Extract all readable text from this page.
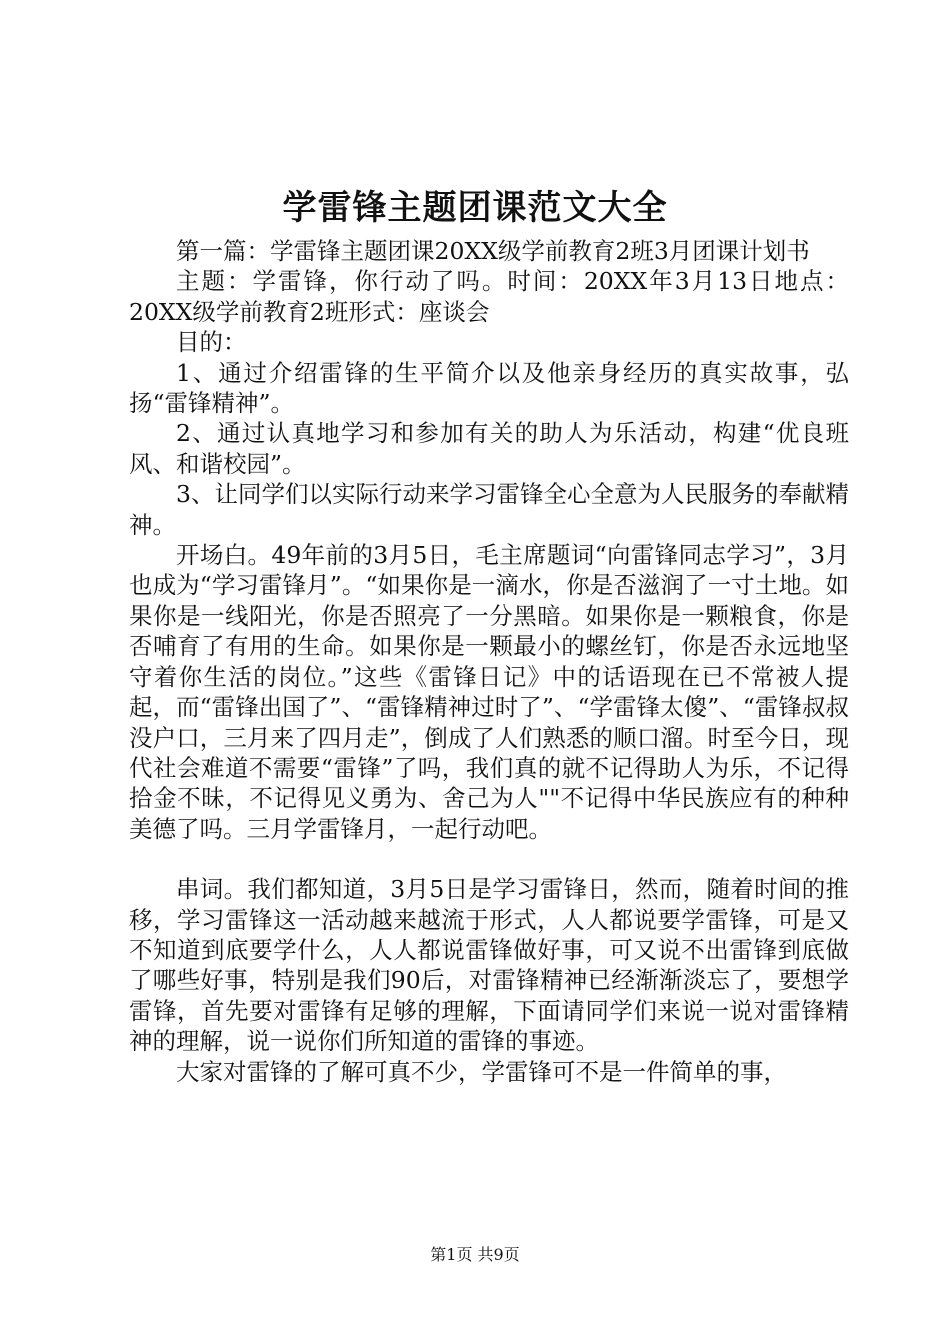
学雷锋主题团课范文大全

第一篇：学雷锋主题团课20XX级学前教育2班3月团课计划书

主题：学雷锋，你行动了吗。时间：20XX年3月13日地点：20XX级学前教育2班形式：座谈会

目的：

1、通过介绍雷锋的生平简介以及他亲身经历的真实故事，弘扬“雷锋精神”。

2、通过认真地学习和参加有关的助人为乐活动，构建“优良班风、和谐校园”。

3、让同学们以实际行动来学习雷锋全心全意为人民服务的奉献精神。

开场白。49年前的3月5日，毛主席题词“向雷锋同志学习”，3月也成为“学习雷锋月”。“如果你是一滴水，你是否滋润了一寸土地。如果你是一线阳光，你是否照亮了一分黑暗。如果你是一颗粮食，你是否哺育了有用的生命。如果你是一颗最小的螺丝钉，你是否永远地坚守着你生活的岗位。”这些《雷锋日记》中的话语现在已不常被人提起，而“雷锋出国了”、“雷锋精神过时了”、“学雷锋太傻”、“雷锋叔叔没户口，三月来了四月走”，倒成了人们熟悉的顺口溜。时至今日，现代社会难道不需要“雷锋”了吗，我们真的就不记得助人为乐，不记得拾金不昧，不记得见义勇为、舍己为人""不记得中华民族应有的种种美德了吗。三月学雷锋月，一起行动吧。

串词。我们都知道，3月5日是学习雷锋日，然而，随着时间的推移，学习雷锋这一活动越来越流于形式，人人都说要学雷锋，可是又不知道到底要学什么，人人都说雷锋做好事，可又说不出雷锋到底做了哪些好事，特别是我们90后，对雷锋精神已经渐渐淡忘了，要想学雷锋，首先要对雷锋有足够的理解，下面请同学们来说一说对雷锋精神的理解，说一说你们所知道的雷锋的事迹。

大家对雷锋的了解可真不少，学雷锋可不是一件简单的事，

第1页 共9页
